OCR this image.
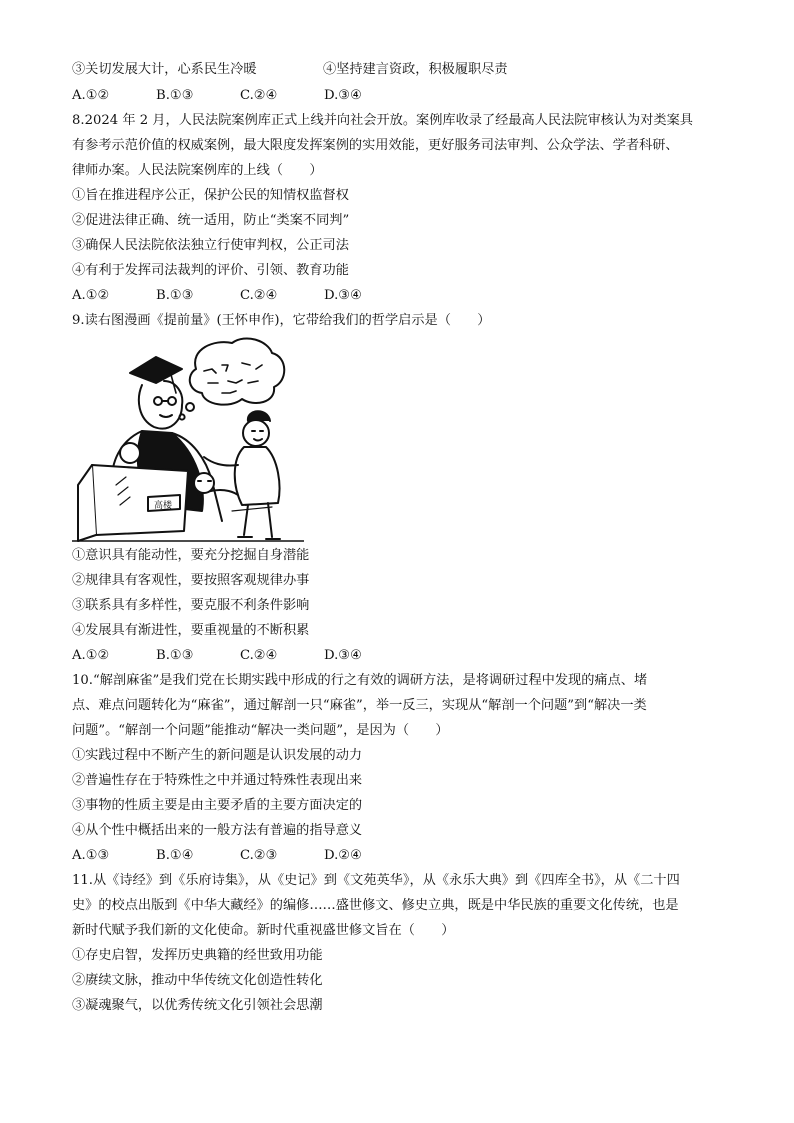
③关切发展大计，心系民生冷暖	④坚持建言资政，积极履职尽责
A.①②	B.①③	C.②④	D.③④
8.2024 年 2 月，人民法院案例库正式上线并向社会开放。案例库收录了经最高人民法院审核认为对类案具
有参考示范价值的权威案例，最大限度发挥案例的实用效能，更好服务司法审判、公众学法、学者科研、
律师办案。人民法院案例库的上线（　　）
①旨在推进程序公正，保护公民的知情权监督权
②促进法律正确、统一适用，防止“类案不同判”
③确保人民法院依法独立行使审判权，公正司法
④有利于发挥司法裁判的评价、引领、教育功能
A.①②	B.①③	C.②④	D.③④
9.读右图漫画《提前量》(王怀申作)，它带给我们的哲学启示是（　　）
高楼
①意识具有能动性，要充分挖掘自身潜能
②规律具有客观性，要按照客观规律办事
③联系具有多样性，要克服不利条件影响
④发展具有渐进性，要重视量的不断积累
A.①②	B.①③	C.②④	D.③④
10.“解剖麻雀”是我们党在长期实践中形成的行之有效的调研方法，是将调研过程中发现的痛点、堵
点、难点问题转化为“麻雀”，通过解剖一只“麻雀”，举一反三，实现从“解剖一个问题”到“解决一类
问题”。“解剖一个问题”能推动“解决一类问题”，是因为（　　）
①实践过程中不断产生的新问题是认识发展的动力
②普遍性存在于特殊性之中并通过特殊性表现出来
③事物的性质主要是由主要矛盾的主要方面决定的
④从个性中概括出来的一般方法有普遍的指导意义
A.①③	B.①④	C.②③	D.②④
11.从《诗经》到《乐府诗集》，从《史记》到《文苑英华》，从《永乐大典》到《四库全书》，从《二十四
史》的校点出版到《中华大藏经》的编修……盛世修文、修史立典，既是中华民族的重要文化传统，也是
新时代赋予我们新的文化使命。新时代重视盛世修文旨在（　　）
①存史启智，发挥历史典籍的经世致用功能
②赓续文脉，推动中华传统文化创造性转化
③凝魂聚气，以优秀传统文化引领社会思潮
